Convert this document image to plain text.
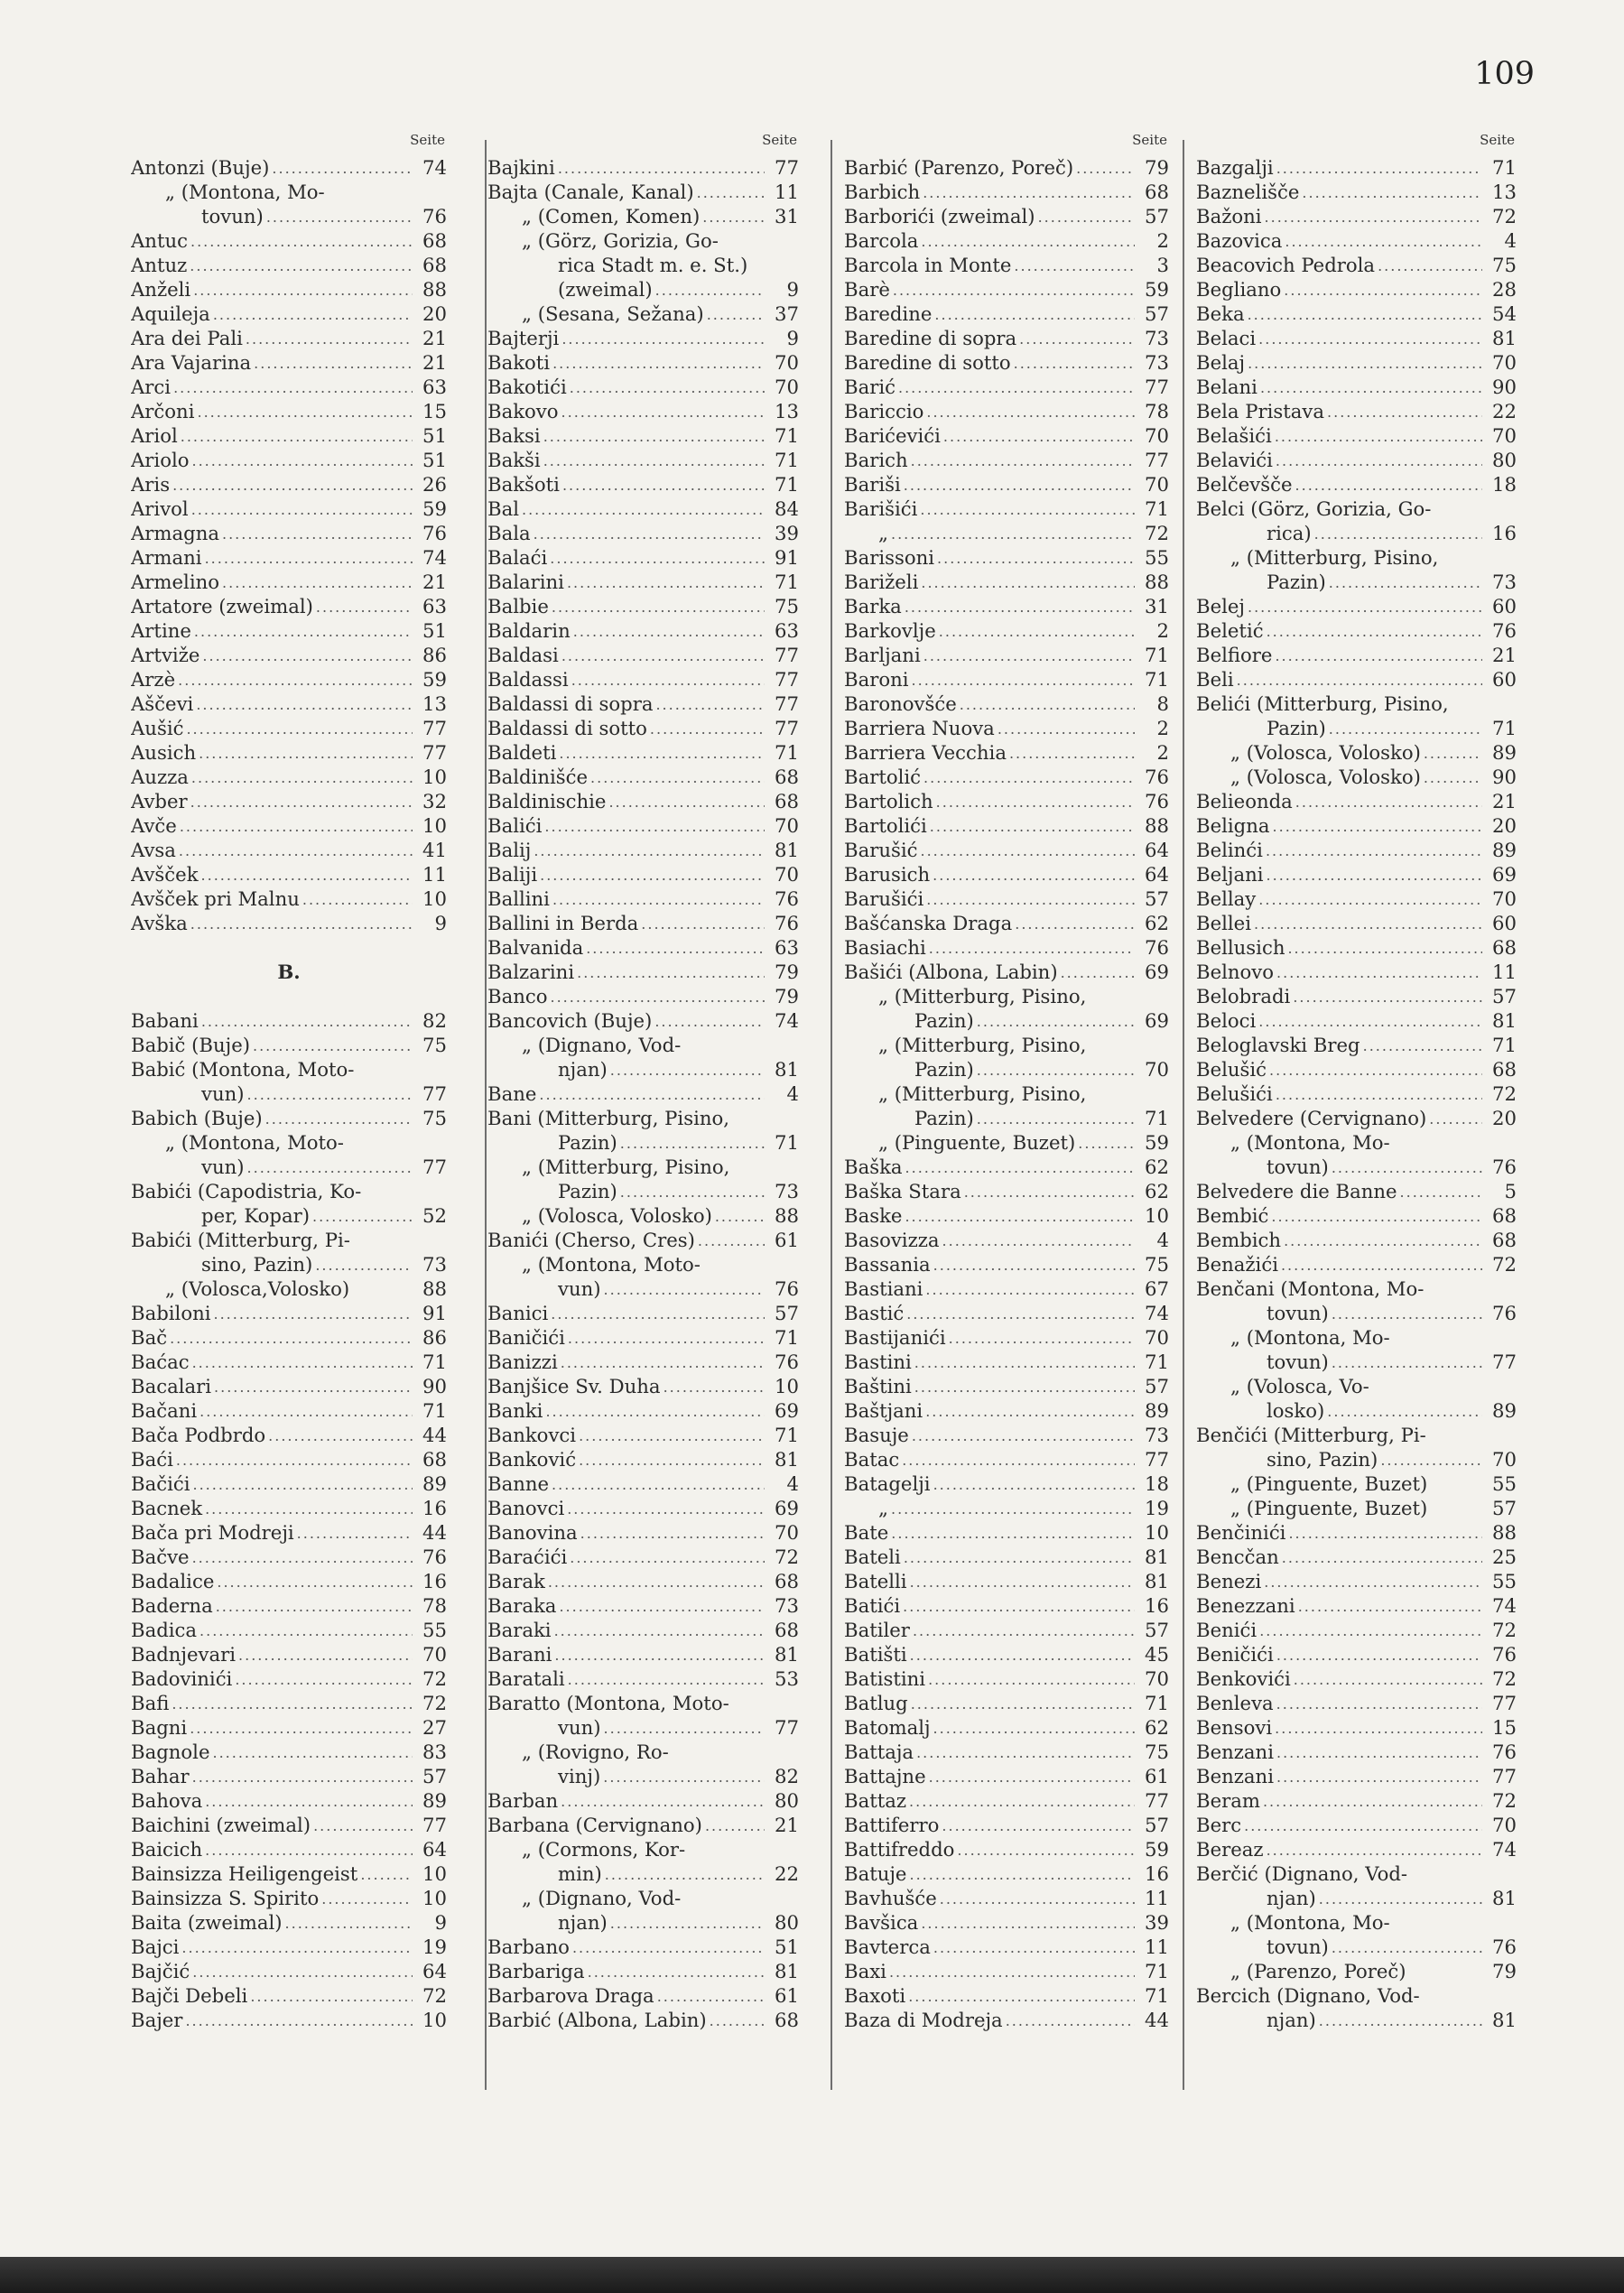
109
Seite
Antonzi (Buje) .....	74
„ (Montona, Mo-
tovun) .....	76
Antuc .....	68
Antuz .....	68
Anželi .....	88
Aquileja .....	20
Ara dei Pali .....	21
Ara Vajarina .....	21
Arci .....	63
Arčoni .....	15
Ariol .....	51
Ariolo .....	51
Aris .....	26
Arivol .....	59
Armagna .....	76
Armani .....	74
Armelino .....	21
Artatore (zweimal) .....	63
Artine .....	51
Artviže .....	86
Arzè .....	59
Aščevi .....	13
Aušić .....	77
Ausich .....	77
Auzza .....	10
Avber .....	32
Avče .....	10
Avsa .....	41
Avšček .....	11
Avšček pri Malnu .....	10
Avška .....	9
B.
Babani .....	82
Babič (Buje) .....	75
Babić (Montona, Moto-
vun) .....	77
Babich (Buje) .....	75
„ (Montona, Moto-
vun) .....	77
Babići (Capodistria, Ko-
per, Kopar) .....	52
Babići (Mitterburg, Pi-
sino, Pazin) .....	73
„ (Volosca,Volosko)	88
Babiloni .....	91
Bač .....	86
Baćac .....	71
Bacalari .....	90
Bačani .....	71
Bača Podbrdo .....	44
Baći .....	68
Bačići .....	89
Bacnek .....	16
Bača pri Modreji .....	44
Bačve .....	76
Badalice .....	16
Baderna .....	78
Badica .....	55
Badnjevari .....	70
Badovinići .....	72
Bafi .....	72
Bagni .....	27
Bagnole .....	83
Bahar .....	57
Bahova .....	89
Baichini (zweimal) .....	77
Baicich .....	64
Bainsizza Heiligengeist .....	10
Bainsizza S. Spirito .....	10
Baita (zweimal) .....	9
Bajci .....	19
Bajčić .....	64
Bajči Debeli .....	72
Bajer .....	10
Seite
Bajkini .....	77
Bajta (Canale, Kanal) .....	11
„ (Comen, Komen) .....	31
„ (Görz, Gorizia, Go-
rica Stadt m. e. St.)
(zweimal) .....	9
„ (Sesana, Sežana) .....	37
Bajterji .....	9
Bakoti .....	70
Bakotići .....	70
Bakovo .....	13
Baksi .....	71
Bakši .....	71
Bakšoti .....	71
Bal .....	84
Bala .....	39
Balaći .....	91
Balarini .....	71
Balbie .....	75
Baldarin .....	63
Baldasi .....	77
Baldassi .....	77
Baldassi di sopra .....	77
Baldassi di sotto .....	77
Baldeti .....	71
Baldinišće .....	68
Baldinischie .....	68
Balići .....	70
Balij .....	81
Baliji .....	70
Ballini .....	76
Ballini in Berda .....	76
Balvanida .....	63
Balzarini .....	79
Banco .....	79
Bancovich (Buje) .....	74
„ (Dignano, Vod-
njan) .....	81
Bane .....	4
Bani (Mitterburg, Pisino,
Pazin) .....	71
„ (Mitterburg, Pisino,
Pazin) .....	73
„ (Volosca, Volosko) .....	88
Banići (Cherso, Cres) .....	61
„ (Montona, Moto-
vun) .....	76
Banici .....	57
Baničići .....	71
Banizzi .....	76
Banjšice Sv. Duha .....	10
Banki .....	69
Bankovci .....	71
Banković .....	81
Banne .....	4
Banovci .....	69
Banovina .....	70
Baraćići .....	72
Barak .....	68
Baraka .....	73
Baraki .....	68
Barani .....	81
Baratali .....	53
Baratto (Montona, Moto-
vun) .....	77
„ (Rovigno, Ro-
vinj) .....	82
Barban .....	80
Barbana (Cervignano) .....	21
„ (Cormons, Kor-
min) .....	22
„ (Dignano, Vod-
njan) .....	80
Barbano .....	51
Barbariga .....	81
Barbarova Draga .....	61
Barbić (Albona, Labin) .....	68
Seite
Barbić (Parenzo, Poreč) .....	79
Barbich .....	68
Barborići (zweimal) .....	57
Barcola .....	2
Barcola in Monte .....	3
Barè .....	59
Baredine .....	57
Baredine di sopra .....	73
Baredine di sotto .....	73
Barić .....	77
Bariccio .....	78
Barićevići .....	70
Barich .....	77
Bariši .....	70
Barišići .....	71
„ .....	72
Barissoni .....	55
Bariželi .....	88
Barka .....	31
Barkovlje .....	2
Barljani .....	71
Baroni .....	71
Baronovšće .....	8
Barriera Nuova .....	2
Barriera Vecchia .....	2
Bartolić .....	76
Bartolich .....	76
Bartolići .....	88
Barušić .....	64
Barusich .....	64
Barušići .....	57
Bašćanska Draga .....	62
Basiachi .....	76
Bašići (Albona, Labin) .....	69
„ (Mitterburg, Pisino,
Pazin) .....	69
„ (Mitterburg, Pisino,
Pazin) .....	70
„ (Mitterburg, Pisino,
Pazin) .....	71
„ (Pinguente, Buzet) .....	59
Baška .....	62
Baška Stara .....	62
Baske .....	10
Basovizza .....	4
Bassania .....	75
Bastiani .....	67
Bastić .....	74
Bastijanići .....	70
Bastini .....	71
Baštini .....	57
Baštjani .....	89
Basuje .....	73
Batac .....	77
Batagelji .....	18
„ .....	19
Bate .....	10
Bateli .....	81
Batelli .....	81
Batići .....	16
Batiler .....	57
Batišti .....	45
Batistini .....	70
Batlug .....	71
Batomalj .....	62
Battaja .....	75
Battajne .....	61
Battaz .....	77
Battiferro .....	57
Battifreddo .....	59
Batuje .....	16
Bavhušće .....	11
Bavšica .....	39
Bavterca .....	11
Baxi .....	71
Baxoti .....	71
Baza di Modreja .....	44
Seite
Bazgalji .....	71
Baznelišče .....	13
Bažoni .....	72
Bazovica .....	4
Beacovich Pedrola .....	75
Begliano .....	28
Beka .....	54
Belaci .....	81
Belaj .....	70
Belani .....	90
Bela Pristava .....	22
Belašići .....	70
Belavići .....	80
Belčevšče .....	18
Belci (Görz, Gorizia, Go-
rica) .....	16
„ (Mitterburg, Pisino,
Pazin) .....	73
Belej .....	60
Beletić .....	76
Belfiore .....	21
Beli .....	60
Belići (Mitterburg, Pisino,
Pazin) .....	71
„ (Volosca, Volosko) .....	89
„ (Volosca, Volosko) .....	90
Belieonda .....	21
Beligna .....	20
Belinći .....	89
Beljani .....	69
Bellay .....	70
Bellei .....	60
Bellusich .....	68
Belnovo .....	11
Belobradi .....	57
Beloci .....	81
Beloglavski Breg .....	71
Belušić .....	68
Belušići .....	72
Belvedere (Cervignano) .....	20
„ (Montona, Mo-
tovun) .....	76
Belvedere die Banne .....	5
Bembić .....	68
Bembich .....	68
Benažići .....	72
Benčani (Montona, Mo-
tovun) .....	76
„ (Montona, Mo-
tovun) .....	77
„ (Volosca, Vo-
losko) .....	89
Benčići (Mitterburg, Pi-
sino, Pazin) .....	70
„ (Pinguente, Buzet)	55
„ (Pinguente, Buzet)	57
Benčinići .....	88
Bencčan .....	25
Benezi .....	55
Benezzani .....	74
Benići .....	72
Beničići .....	76
Benkovići .....	72
Benleva .....	77
Bensovi .....	15
Benzani .....	76
Benzani .....	77
Beram .....	72
Berc .....	70
Bereaz .....	74
Berčić (Dignano, Vod-
njan) .....	81
„ (Montona, Mo-
tovun) .....	76
„ (Parenzo, Poreč)	79
Bercich (Dignano, Vod-
njan) .....	81
